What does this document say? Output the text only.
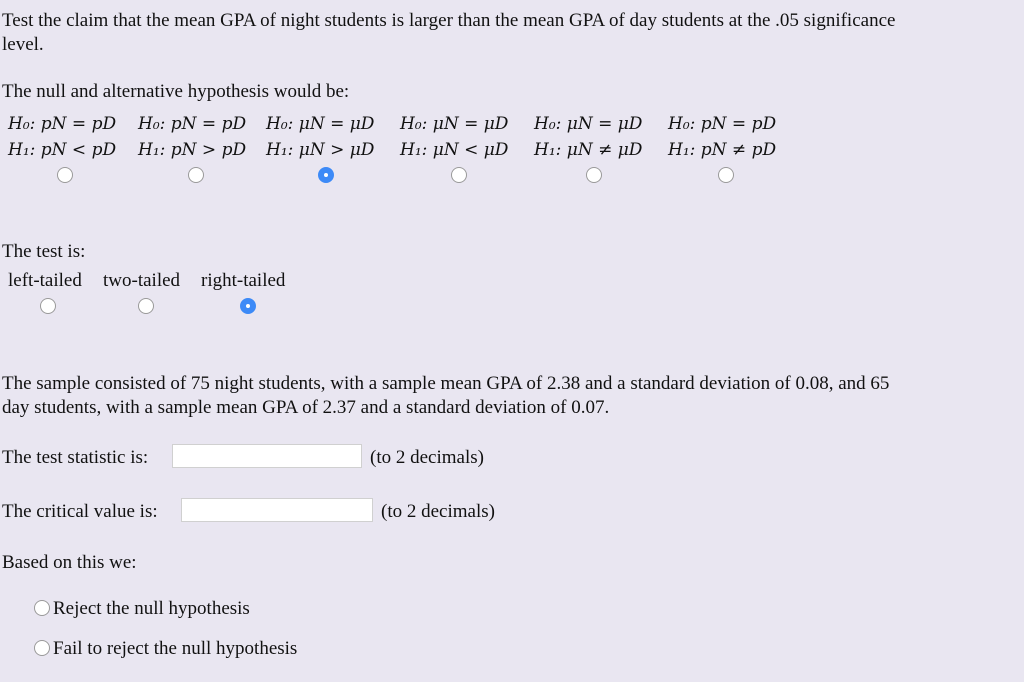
Test the claim that the mean GPA of night students is larger than the mean GPA of day students at the .05 significance
level.
The null and alternative hypothesis would be:
H₀: pN = pD
H₁: pN < pD
H₀: pN = pD
H₁: pN > pD
H₀: μN = μD
H₁: μN > μD
H₀: μN = μD
H₁: μN < μD
H₀: μN = μD
H₁: μN ≠ μD
H₀: pN = pD
H₁: pN ≠ pD
The test is:
left-tailed two-tailed right-tailed
The sample consisted of 75 night students, with a sample mean GPA of 2.38 and a standard deviation of 0.08, and 65
day students, with a sample mean GPA of 2.37 and a standard deviation of 0.07.
The test statistic is:	(to 2 decimals)
The critical value is:	(to 2 decimals)
Based on this we:
Reject the null hypothesis
Fail to reject the null hypothesis
